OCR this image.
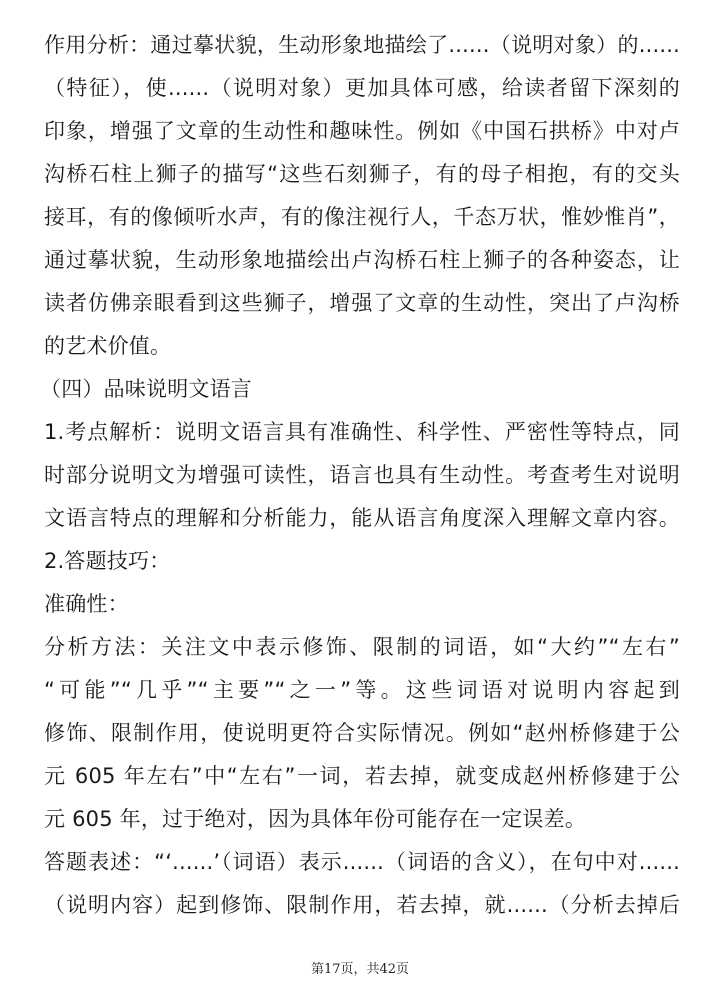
作用分析：通过摹状貌，生动形象地描绘了......（说明对象）的......
（特征），使......（说明对象）更加具体可感，给读者留下深刻的
印象，增强了文章的生动性和趣味性。例如《中国石拱桥》中对卢
沟桥石柱上狮子的描写“这些石刻狮子，有的母子相抱，有的交头
接耳，有的像倾听水声，有的像注视行人，千态万状，惟妙惟肖”，
通过摹状貌，生动形象地描绘出卢沟桥石柱上狮子的各种姿态，让
读者仿佛亲眼看到这些狮子，增强了文章的生动性，突出了卢沟桥
的艺术价值。
（四）品味说明文语言
1.考点解析：说明文语言具有准确性、科学性、严密性等特点，同
时部分说明文为增强可读性，语言也具有生动性。考查考生对说明
文语言特点的理解和分析能力，能从语言角度深入理解文章内容。
2.答题技巧：
准确性：
分析方法：关注文中表示修饰、限制的词语，如“大约”“左右”
“可能”“几乎”“主要”“之一”等。这些词语对说明内容起到
修饰、限制作用，使说明更符合实际情况。例如“赵州桥修建于公
元 605 年左右”中“左右”一词，若去掉，就变成赵州桥修建于公
元 605 年，过于绝对，因为具体年份可能存在一定误差。
答题表述：“‘......’（词语）表示......（词语的含义），在句中对......
（说明内容）起到修饰、限制作用，若去掉，就......（分析去掉后
第17页，共42页
